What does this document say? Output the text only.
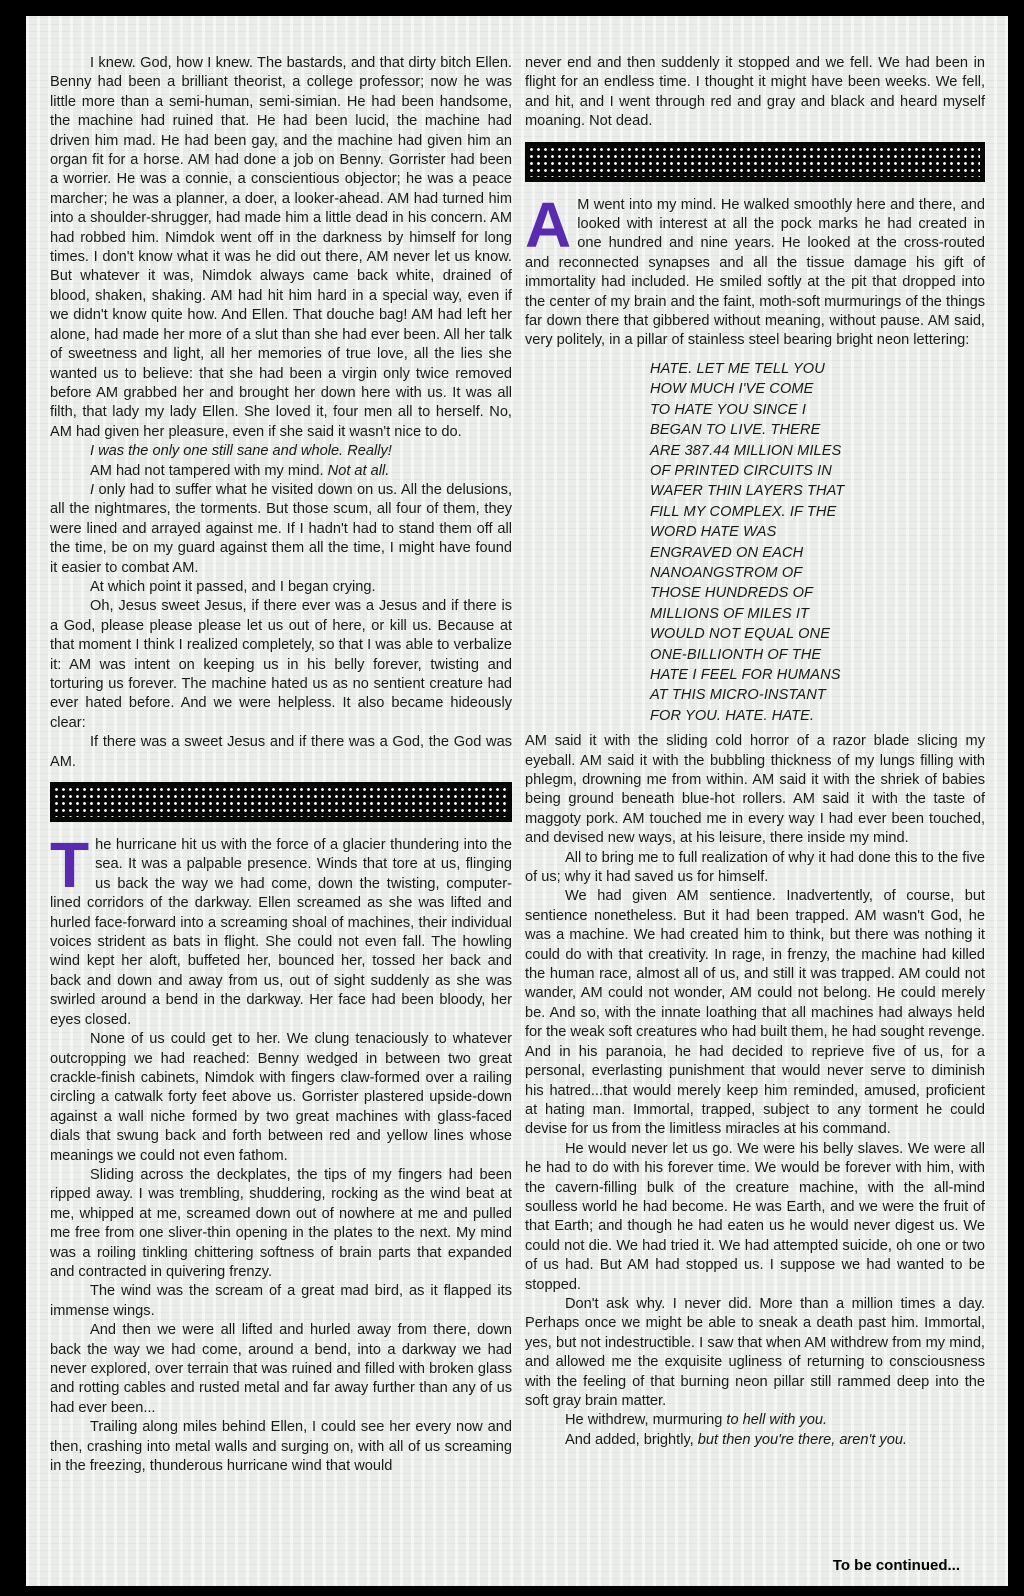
I knew. God, how I knew. The bastards, and that dirty bitch Ellen. Benny had been a brilliant theorist, a college professor; now he was little more than a semi-human, semi-simian. He had been handsome, the machine had ruined that. He had been lucid, the machine had driven him mad. He had been gay, and the machine had given him an organ fit for a horse. AM had done a job on Benny. Gorrister had been a worrier. He was a connie, a conscientious objector; he was a peace marcher; he was a planner, a doer, a looker-ahead. AM had turned him into a shoulder-shrugger, had made him a little dead in his concern. AM had robbed him. Nimdok went off in the darkness by himself for long times. I don't know what it was he did out there, AM never let us know. But whatever it was, Nimdok always came back white, drained of blood, shaken, shaking. AM had hit him hard in a special way, even if we didn't know quite how. And Ellen. That douche bag! AM had left her alone, had made her more of a slut than she had ever been. All her talk of sweetness and light, all her memories of true love, all the lies she wanted us to believe: that she had been a virgin only twice removed before AM grabbed her and brought her down here with us. It was all filth, that lady my lady Ellen. She loved it, four men all to herself. No, AM had given her pleasure, even if she said it wasn't nice to do.

I was the only one still sane and whole. Really!

AM had not tampered with my mind. Not at all.

I only had to suffer what he visited down on us. All the delusions, all the nightmares, the torments. But those scum, all four of them, they were lined and arrayed against me. If I hadn't had to stand them off all the time, be on my guard against them all the time, I might have found it easier to combat AM.

At which point it passed, and I began crying.

Oh, Jesus sweet Jesus, if there ever was a Jesus and if there is a God, please please please let us out of here, or kill us. Because at that moment I think I realized completely, so that I was able to verbalize it: AM was intent on keeping us in his belly forever, twisting and torturing us forever. The machine hated us as no sentient creature had ever hated before. And we were helpless. It also became hideously clear:

If there was a sweet Jesus and if there was a God, the God was AM.

The hurricane hit us with the force of a glacier thundering into the sea. It was a palpable presence. Winds that tore at us, flinging us back the way we had come, down the twisting, computer-lined corridors of the darkway. Ellen screamed as she was lifted and hurled face-forward into a screaming shoal of machines, their individual voices strident as bats in flight. She could not even fall. The howling wind kept her aloft, buffeted her, bounced her, tossed her back and back and down and away from us, out of sight suddenly as she was swirled around a bend in the darkway. Her face had been bloody, her eyes closed.

None of us could get to her. We clung tenaciously to whatever outcropping we had reached: Benny wedged in between two great crackle-finish cabinets, Nimdok with fingers claw-formed over a railing circling a catwalk forty feet above us. Gorrister plastered upside-down against a wall niche formed by two great machines with glass-faced dials that swung back and forth between red and yellow lines whose meanings we could not even fathom.

Sliding across the deckplates, the tips of my fingers had been ripped away. I was trembling, shuddering, rocking as the wind beat at me, whipped at me, screamed down out of nowhere at me and pulled me free from one sliver-thin opening in the plates to the next. My mind was a roiling tinkling chittering softness of brain parts that expanded and contracted in quivering frenzy.

The wind was the scream of a great mad bird, as it flapped its immense wings.

And then we were all lifted and hurled away from there, down back the way we had come, around a bend, into a darkway we had never explored, over terrain that was ruined and filled with broken glass and rotting cables and rusted metal and far away further than any of us had ever been...

Trailing along miles behind Ellen, I could see her every now and then, crashing into metal walls and surging on, with all of us screaming in the freezing, thunderous hurricane wind that would

never end and then suddenly it stopped and we fell. We had been in flight for an endless time. I thought it might have been weeks. We fell, and hit, and I went through red and gray and black and heard myself moaning. Not dead.

A M went into my mind. He walked smoothly here and there, and looked with interest at all the pock marks he had created in one hundred and nine years. He looked at the cross-routed and reconnected synapses and all the tissue damage his gift of immortality had included. He smiled softly at the pit that dropped into the center of my brain and the faint, moth-soft murmurings of the things far down there that gibbered without meaning, without pause. AM said, very politely, in a pillar of stainless steel bearing bright neon lettering:

HATE. LET ME TELL YOU
HOW MUCH I'VE COME
TO HATE YOU SINCE I
BEGAN TO LIVE. THERE
ARE 387.44 MILLION MILES
OF PRINTED CIRCUITS IN
WAFER THIN LAYERS THAT
FILL MY COMPLEX. IF THE
WORD HATE WAS
ENGRAVED ON EACH
NANOANGSTROM OF
THOSE HUNDREDS OF
MILLIONS OF MILES IT
WOULD NOT EQUAL ONE
ONE-BILLIONTH OF THE
HATE I FEEL FOR HUMANS
AT THIS MICRO-INSTANT
FOR YOU. HATE. HATE.

AM said it with the sliding cold horror of a razor blade slicing my eyeball. AM said it with the bubbling thickness of my lungs filling with phlegm, drowning me from within. AM said it with the shriek of babies being ground beneath blue-hot rollers. AM said it with the taste of maggoty pork. AM touched me in every way I had ever been touched, and devised new ways, at his leisure, there inside my mind.

All to bring me to full realization of why it had done this to the five of us; why it had saved us for himself.

We had given AM sentience. Inadvertently, of course, but sentience nonetheless. But it had been trapped. AM wasn't God, he was a machine. We had created him to think, but there was nothing it could do with that creativity. In rage, in frenzy, the machine had killed the human race, almost all of us, and still it was trapped. AM could not wander, AM could not wonder, AM could not belong. He could merely be. And so, with the innate loathing that all machines had always held for the weak soft creatures who had built them, he had sought revenge. And in his paranoia, he had decided to reprieve five of us, for a personal, everlasting punishment that would never serve to diminish his hatred...that would merely keep him reminded, amused, proficient at hating man. Immortal, trapped, subject to any torment he could devise for us from the limitless miracles at his command.

He would never let us go. We were his belly slaves. We were all he had to do with his forever time. We would be forever with him, with the cavern-filling bulk of the creature machine, with the all-mind soulless world he had become. He was Earth, and we were the fruit of that Earth; and though he had eaten us he would never digest us. We could not die. We had tried it. We had attempted suicide, oh one or two of us had. But AM had stopped us. I suppose we had wanted to be stopped.

Don't ask why. I never did. More than a million times a day. Perhaps once we might be able to sneak a death past him. Immortal, yes, but not indestructible. I saw that when AM withdrew from my mind, and allowed me the exquisite ugliness of returning to consciousness with the feeling of that burning neon pillar still rammed deep into the soft gray brain matter.

He withdrew, murmuring to hell with you.

And added, brightly, but then you're there, aren't you.

To be continued...
